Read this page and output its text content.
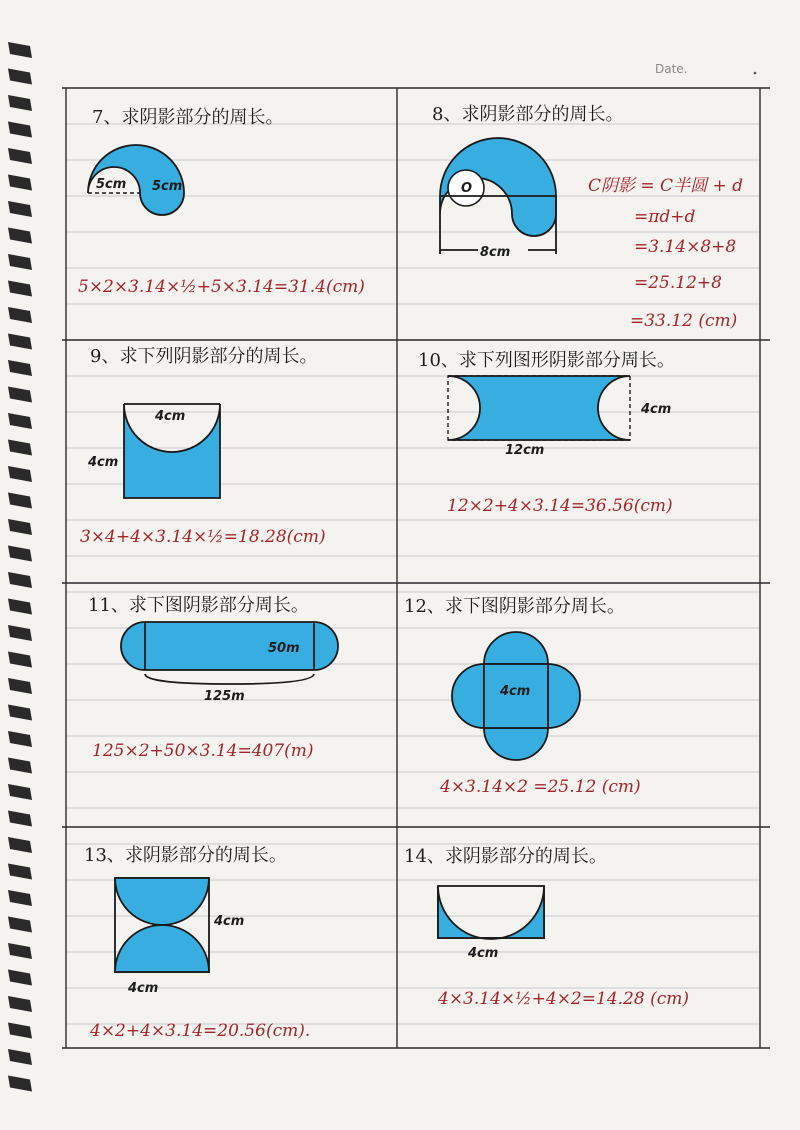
Date.
7、求阴影部分的周长。
5cm 5cm
5×2×3.14×½+5×3.14=31.4(cm)
8、求阴影部分的周长。
O
8cm
C阴影 = C半圆 + d
=πd+d
=3.14×8+8
=25.12+8
=33.12 (cm)
9、求下列阴影部分的周长。
4cm
4cm
3×4+4×3.14×½=18.28(cm)
10、求下列图形阴影部分周长。
4cm
12cm
12×2+4×3.14=36.56(cm)
11、求下图阴影部分周长。
50m
125m
125×2+50×3.14=407(m)
12、求下图阴影部分周长。
4cm
4×3.14×2 =25.12 (cm)
13、求阴影部分的周长。
4cm
4cm
4×2+4×3.14=20.56(cm).
14、求阴影部分的周长。
4cm
4×3.14×½+4×2=14.28 (cm)
